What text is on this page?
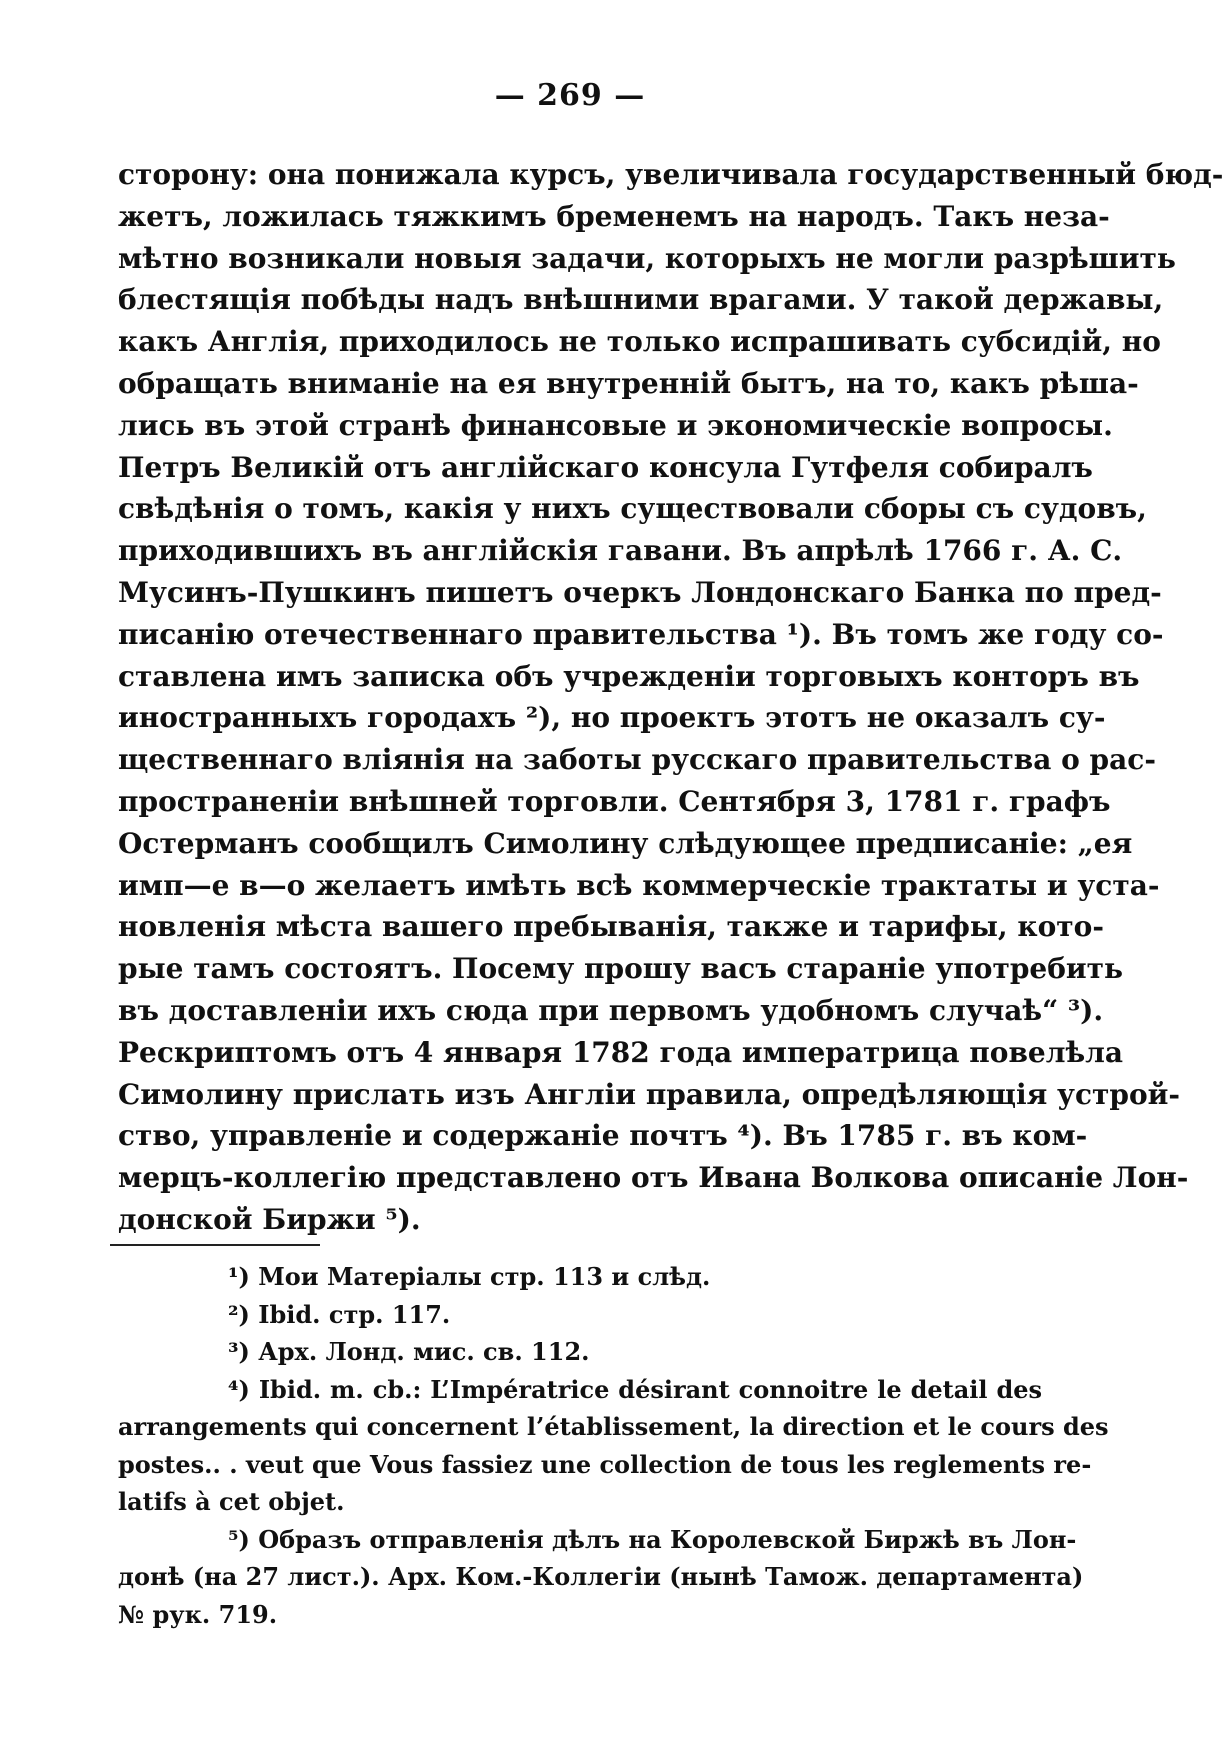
— 269 —
сторону: она понижала курсъ, увеличивала государственный бюд-
жетъ, ложилась тяжкимъ бременемъ на народъ. Такъ неза-
мѣтно возникали новыя задачи, которыхъ не могли разрѣшить
блестящія побѣды надъ внѣшними врагами. У такой державы,
какъ Англія, приходилось не только испрашивать субсидій, но
обращать вниманіе на ея внутренній бытъ, на то, какъ рѣша-
лись въ этой странѣ финансовые и экономическіе вопросы.
Петръ Великій отъ англійскаго консула Гутфеля собиралъ
свѣдѣнія о томъ, какія у нихъ существовали сборы съ судовъ,
приходившихъ въ англійскія гавани. Въ апрѣлѣ 1766 г. А. С.
Мусинъ-Пушкинъ пишетъ очеркъ Лондонскаго Банка по пред-
писанію отечественнаго правительства ¹). Въ томъ же году со-
ставлена имъ записка объ учрежденіи торговыхъ конторъ въ
иностранныхъ городахъ ²), но проектъ этотъ не оказалъ су-
щественнаго вліянія на заботы русскаго правительства о рас-
пространеніи внѣшней торговли. Сентября 3, 1781 г. графъ
Остерманъ сообщилъ Симолину слѣдующее предписаніе: „ея
имп—е в—о желаетъ имѣть всѣ коммерческіе трактаты и уста-
новленія мѣста вашего пребыванія, также и тарифы, кото-
рые тамъ состоятъ. Посему прошу васъ стараніе употребить
въ доставленіи ихъ сюда при первомъ удобномъ случаѣ“ ³).
Рескриптомъ отъ 4 января 1782 года императрица повелѣла
Симолину прислать изъ Англіи правила, опредѣляющія устрой-
ство, управленіе и содержаніе почтъ ⁴). Въ 1785 г. въ ком-
мерцъ-коллегію представлено отъ Ивана Волкова описаніе Лон-
донской Биржи ⁵).
¹) Мои Матеріалы стр. 113 и слѣд.
²) Ibid. стр. 117.
³) Арх. Лонд. мис. св. 112.
⁴) Ibid. m. cb.: L’Impératrice désirant connoitre le detail des
arrangements qui concernent l’établissement, la direction et le cours des
postes.. . veut que Vous fassiez une collection de tous les reglements re-
latifs à cet objet.
⁵) Образъ отправленія дѣлъ на Королевской Биржѣ въ Лон-
донѣ (на 27 лист.). Арх. Ком.-Коллегіи (нынѣ Тамож. департамента)
№ рук. 719.
